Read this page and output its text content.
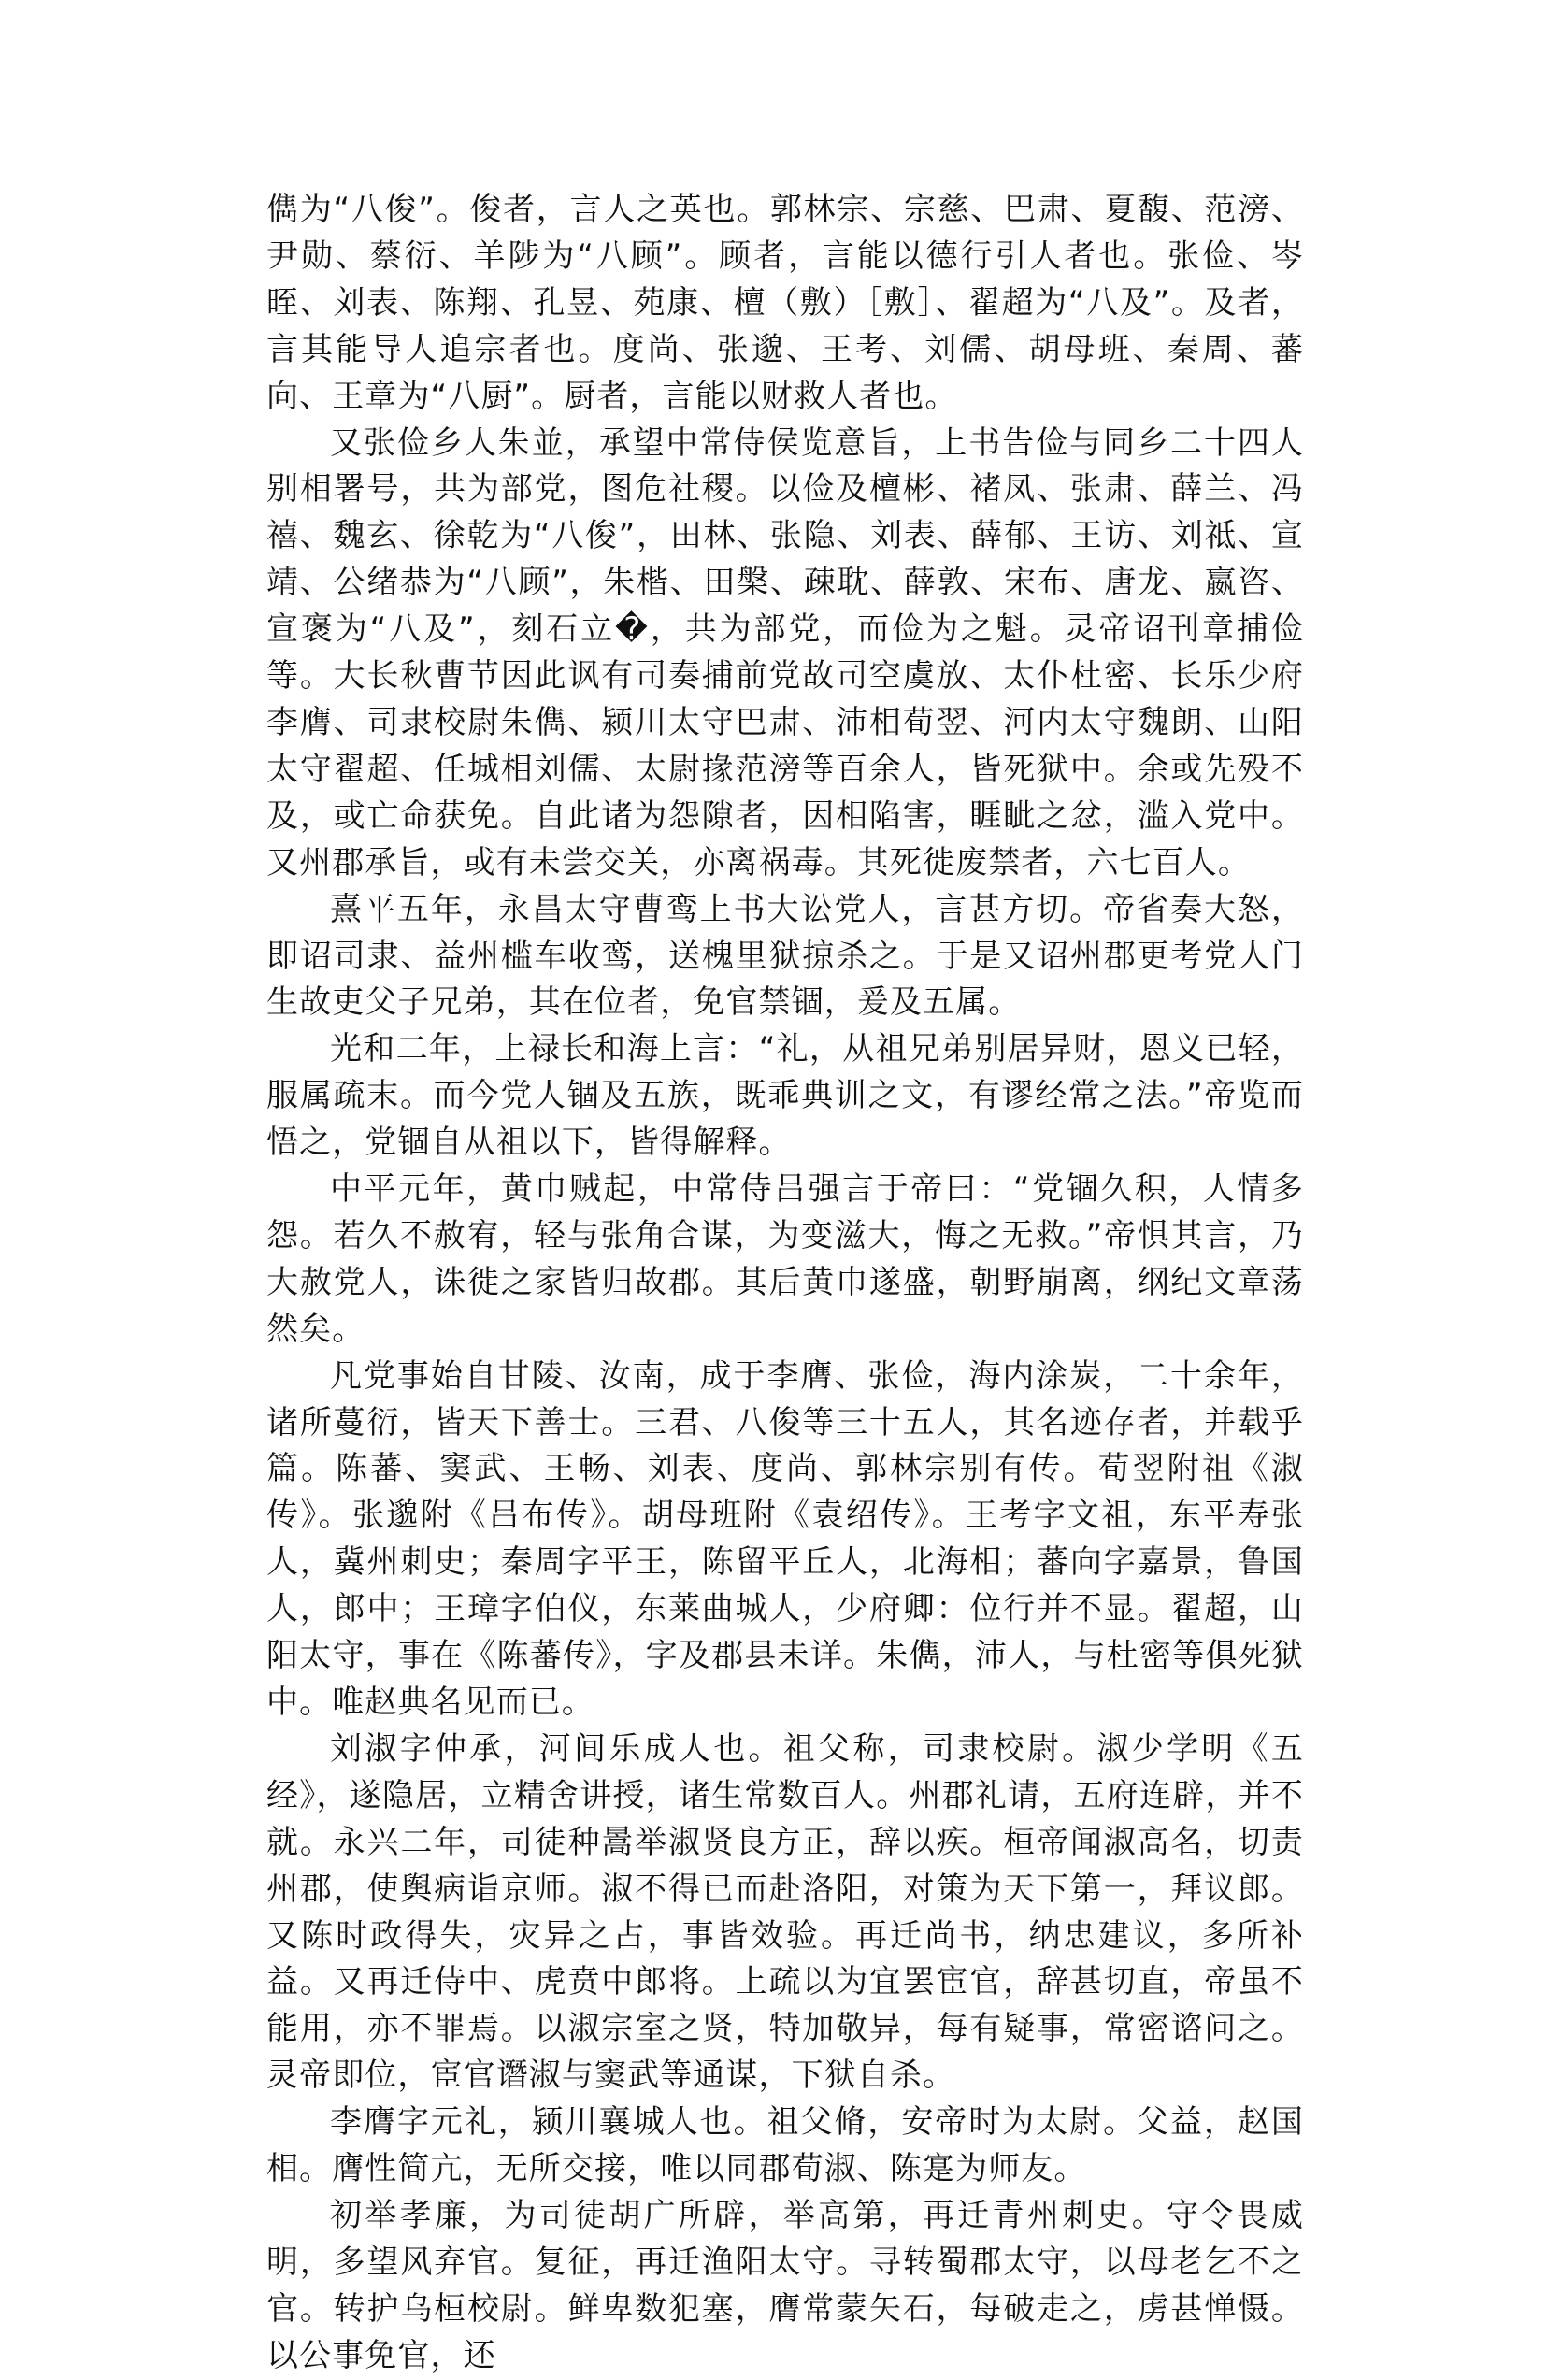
儁为“八俊”。俊者，言人之英也。郭林宗、宗慈、巴肃、夏馥、范滂、尹勋、蔡衍、羊陟为“八顾”。顾者，言能以德行引人者也。张俭、岑晊、刘表、陈翔、孔昱、苑康、檀（敷）［敷］、翟超为“八及”。及者，言其能导人追宗者也。度尚、张邈、王考、刘儒、胡母班、秦周、蕃向、王章为“八厨”。厨者，言能以财救人者也。

又张俭乡人朱並，承望中常侍侯览意旨，上书告俭与同乡二十四人别相署号，共为部党，图危社稷。以俭及檀彬、褚凤、张肃、薛兰、冯禧、魏玄、徐乾为“八俊”，田林、张隐、刘表、薛郁、王访、刘祗、宣靖、公绪恭为“八顾”，朱楷、田槃、疎耽、薛敦、宋布、唐龙、嬴咨、宣褒为“八及”，刻石立�，共为部党，而俭为之魁。灵帝诏刊章捕俭等。大长秋曹节因此讽有司奏捕前党故司空虞放、太仆杜密、长乐少府李膺、司隶校尉朱儁、颍川太守巴肃、沛相荀翌、河内太守魏朗、山阳太守翟超、任城相刘儒、太尉掾范滂等百余人，皆死狱中。余或先殁不及，或亡命获免。自此诸为怨隙者，因相陷害，睚眦之忿，滥入党中。又州郡承旨，或有未尝交关，亦离祸毒。其死徙废禁者，六七百人。

熹平五年，永昌太守曹鸾上书大讼党人，言甚方切。帝省奏大怒，即诏司隶、益州槛车收鸾，送槐里狱掠杀之。于是又诏州郡更考党人门生故吏父子兄弟，其在位者，免官禁锢，爰及五属。

光和二年，上禄长和海上言：“礼，从祖兄弟别居异财，恩义已轻，服属疏末。而今党人锢及五族，既乖典训之文，有谬经常之法。”帝览而悟之，党锢自从祖以下，皆得解释。

中平元年，黄巾贼起，中常侍吕强言于帝曰：“党锢久积，人情多怨。若久不赦宥，轻与张角合谋，为变滋大，悔之无救。”帝惧其言，乃大赦党人，诛徙之家皆归故郡。其后黄巾遂盛，朝野崩离，纲纪文章荡然矣。

凡党事始自甘陵、汝南，成于李膺、张俭，海内涂炭，二十余年，诸所蔓衍，皆天下善士。三君、八俊等三十五人，其名迹存者，并载乎篇。陈蕃、窦武、王畅、刘表、度尚、郭林宗别有传。荀翌附祖《淑传》。张邈附《吕布传》。胡母班附《袁绍传》。王考字文祖，东平寿张人，冀州刺史；秦周字平王，陈留平丘人，北海相；蕃向字嘉景，鲁国人，郎中；王璋字伯仪，东莱曲城人，少府卿：位行并不显。翟超，山阳太守，事在《陈蕃传》，字及郡县未详。朱儁，沛人，与杜密等俱死狱中。唯赵典名见而已。

刘淑字仲承，河间乐成人也。祖父称，司隶校尉。淑少学明《五经》，遂隐居，立精舍讲授，诸生常数百人。州郡礼请，五府连辟，并不就。永兴二年，司徒种暠举淑贤良方正，辞以疾。桓帝闻淑高名，切责州郡，使舆病诣京师。淑不得已而赴洛阳，对策为天下第一，拜议郎。又陈时政得失，灾异之占，事皆效验。再迁尚书，纳忠建议，多所补益。又再迁侍中、虎贲中郎将。上疏以为宜罢宦官，辞甚切直，帝虽不能用，亦不罪焉。以淑宗室之贤，特加敬异，每有疑事，常密谘问之。灵帝即位，宦官谮淑与窦武等通谋，下狱自杀。

李膺字元礼，颍川襄城人也。祖父脩，安帝时为太尉。父益，赵国相。膺性简亢，无所交接，唯以同郡荀淑、陈寔为师友。

初举孝廉，为司徒胡广所辟，举高第，再迁青州刺史。守令畏威明，多望风弃官。复征，再迁渔阳太守。寻转蜀郡太守，以母老乞不之官。转护乌桓校尉。鲜卑数犯塞，膺常蒙矢石，每破走之，虏甚惮慑。以公事免官，还
